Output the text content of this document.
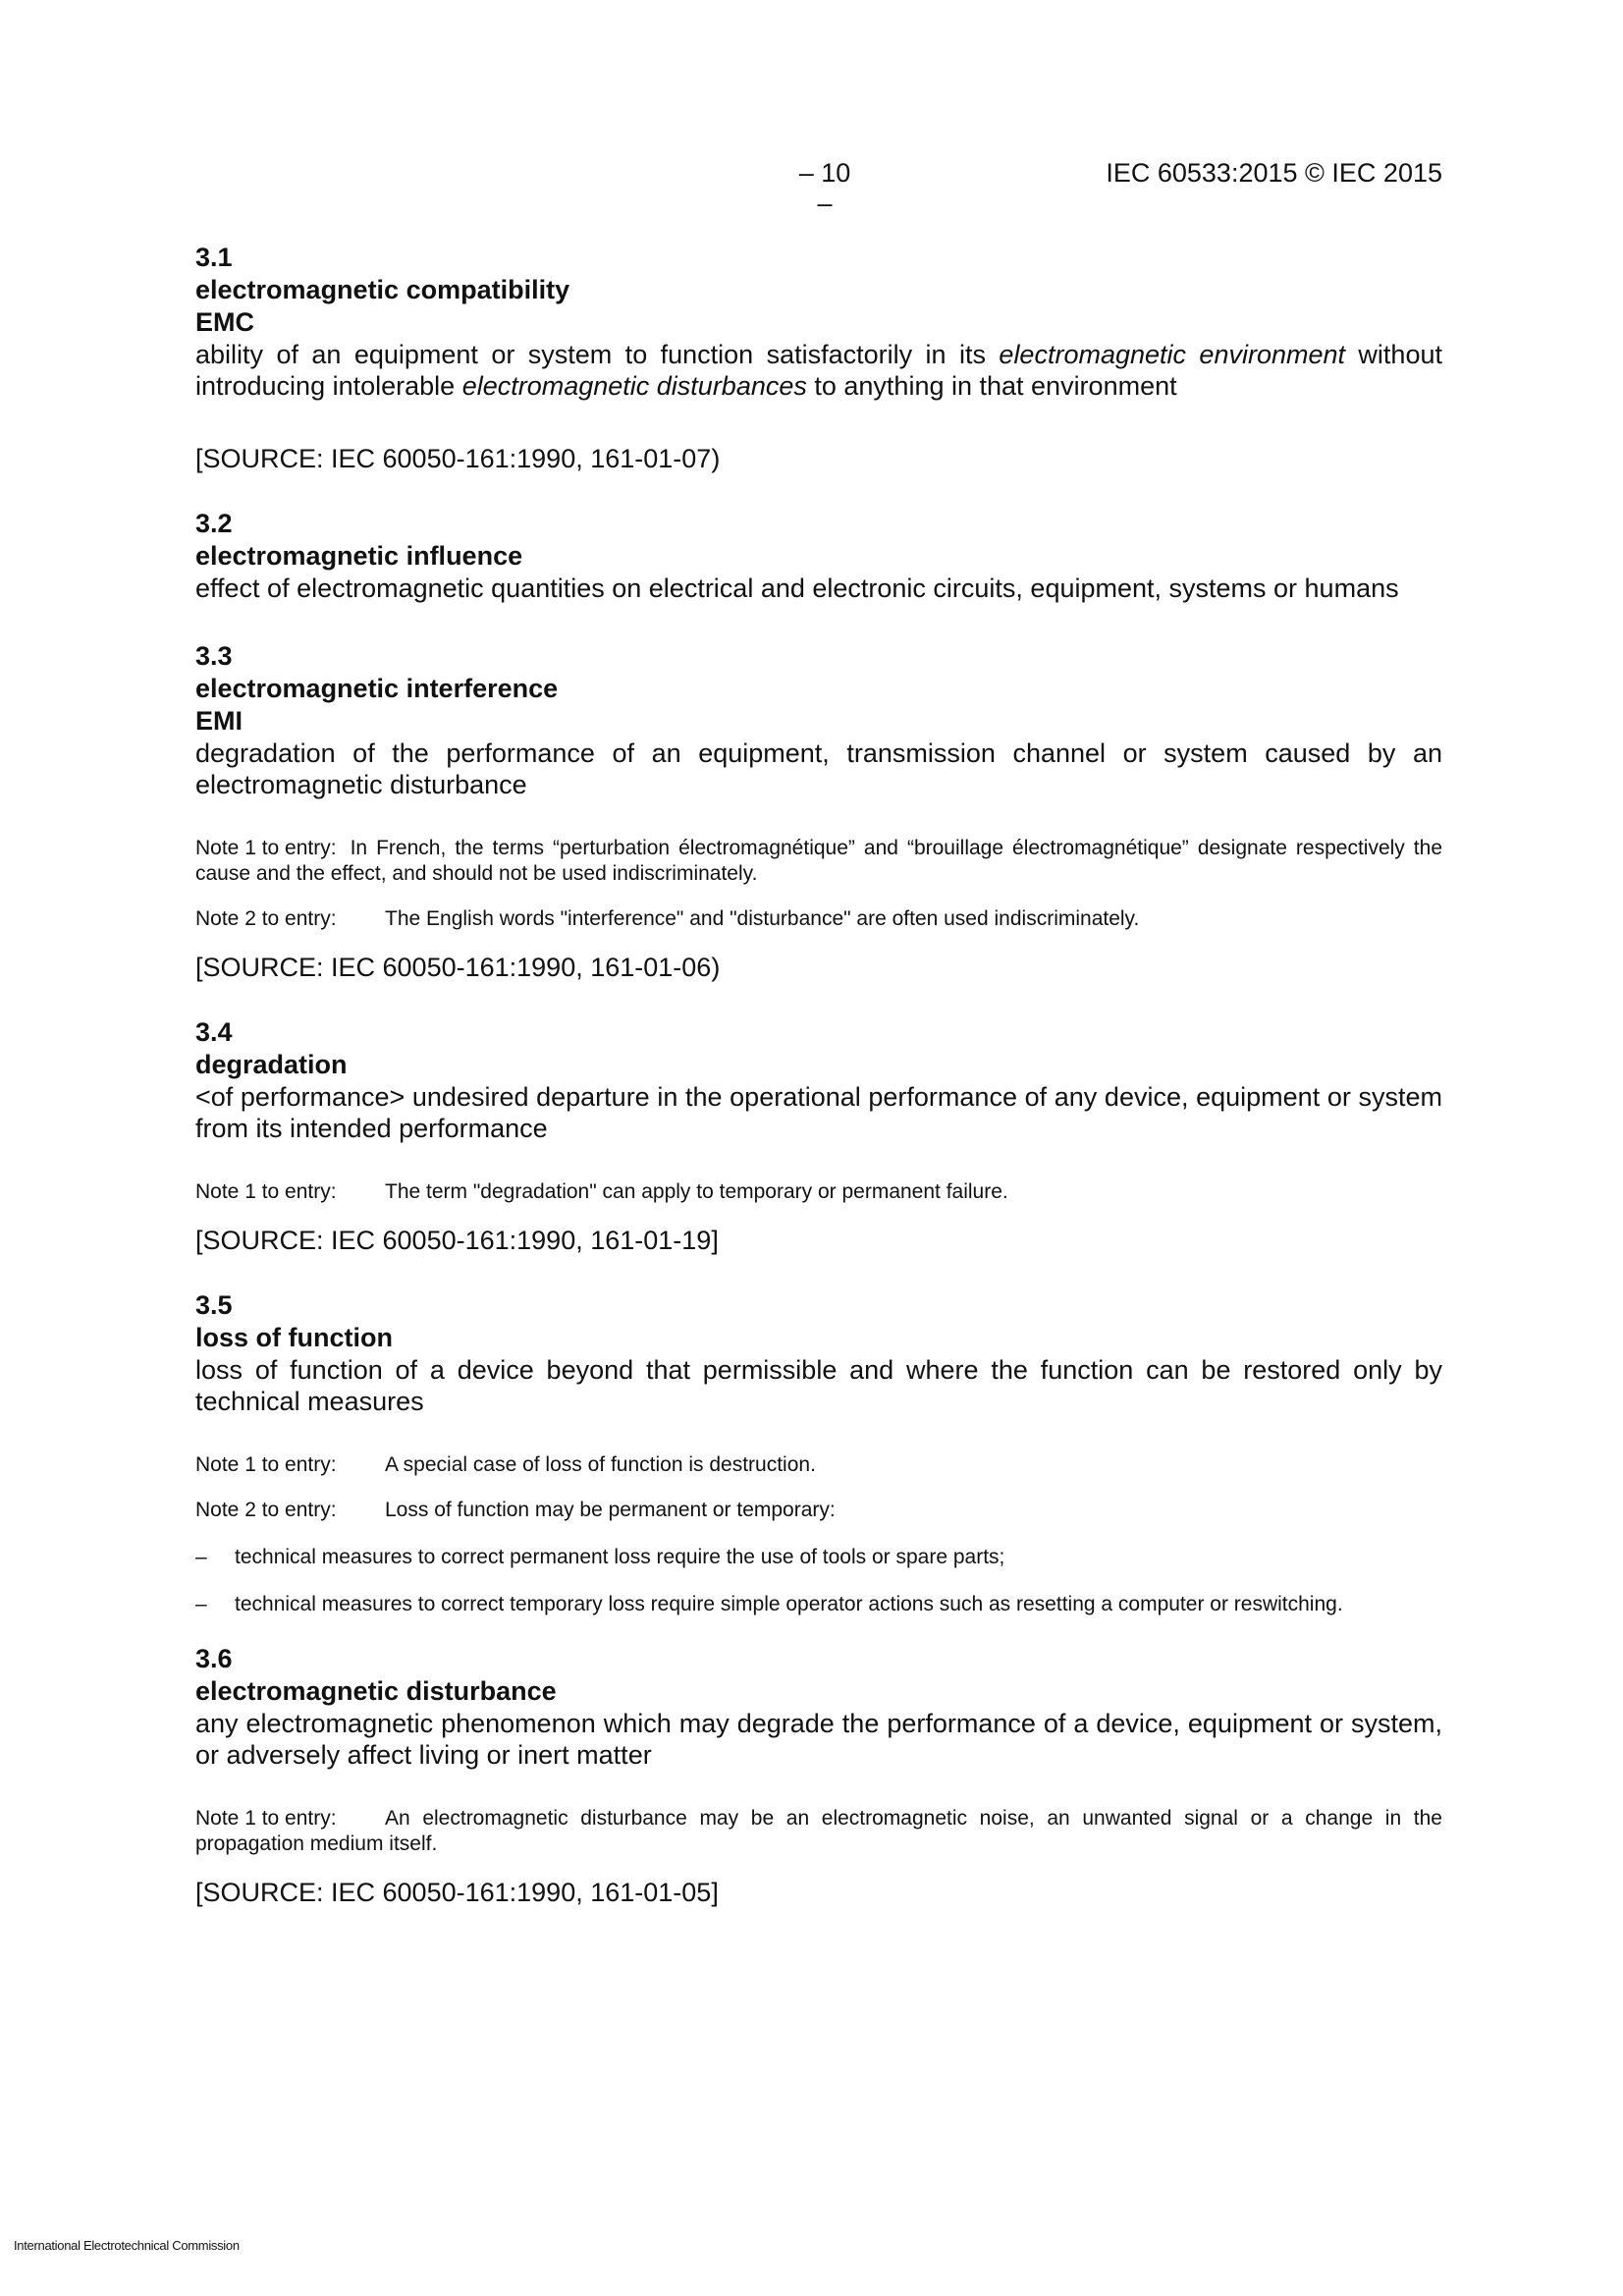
– 10 –
IEC 60533:2015 © IEC 2015
3.1
electromagnetic compatibility
EMC
ability of an equipment or system to function satisfactorily in its electromagnetic environment without introducing intolerable electromagnetic disturbances to anything in that environment
[SOURCE: IEC 60050-161:1990, 161-01-07)
3.2
electromagnetic influence
effect of electromagnetic quantities on electrical and electronic circuits, equipment, systems or humans
3.3
electromagnetic interference
EMI
degradation of the performance of an equipment, transmission channel or system caused by an electromagnetic disturbance
Note 1 to entry: In French, the terms “perturbation électromagnétique” and “brouillage électromagnétique” designate respectively the cause and the effect, and should not be used indiscriminately.
Note 2 to entry: The English words "interference" and "disturbance" are often used indiscriminately.
[SOURCE: IEC 60050-161:1990, 161-01-06)
3.4
degradation
<of performance> undesired departure in the operational performance of any device, equipment or system from its intended performance
Note 1 to entry: The term "degradation" can apply to temporary or permanent failure.
[SOURCE: IEC 60050-161:1990, 161-01-19]
3.5
loss of function
loss of function of a device beyond that permissible and where the function can be restored only by technical measures
Note 1 to entry: A special case of loss of function is destruction.
Note 2 to entry: Loss of function may be permanent or temporary:
–	technical measures to correct permanent loss require the use of tools or spare parts;
–	technical measures to correct temporary loss require simple operator actions such as resetting a computer or reswitching.
3.6
electromagnetic disturbance
any electromagnetic phenomenon which may degrade the performance of a device, equipment or system, or adversely affect living or inert matter
Note 1 to entry: An electromagnetic disturbance may be an electromagnetic noise, an unwanted signal or a change in the propagation medium itself.
[SOURCE: IEC 60050-161:1990, 161-01-05]
International Electrotechnical Commission
